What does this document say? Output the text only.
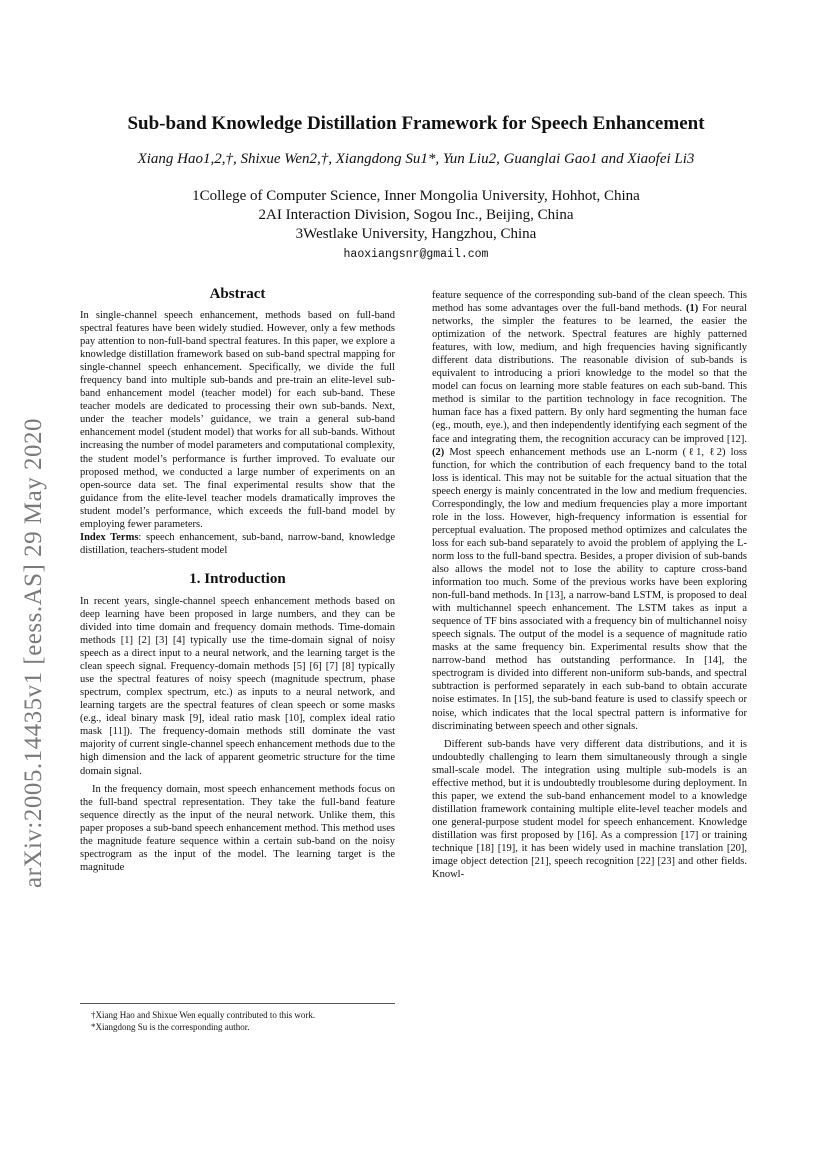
arXiv:2005.14435v1 [eess.AS] 29 May 2020
Sub-band Knowledge Distillation Framework for Speech Enhancement
Xiang Hao1,2,†, Shixue Wen2,†, Xiangdong Su1*, Yun Liu2, Guanglai Gao1 and Xiaofei Li3
1College of Computer Science, Inner Mongolia University, Hohhot, China
2AI Interaction Division, Sogou Inc., Beijing, China
3Westlake University, Hangzhou, China
haoxiangsnr@gmail.com
Abstract

In single-channel speech enhancement, methods based on full-band spectral features have been widely studied. However, only a few methods pay attention to non-full-band spectral features. In this paper, we explore a knowledge distillation framework based on sub-band spectral mapping for single-channel speech enhancement. Specifically, we divide the full frequency band into multiple sub-bands and pre-train an elite-level sub-band enhancement model (teacher model) for each sub-band. These teacher models are dedicated to processing their own sub-bands. Next, under the teacher models’ guidance, we train a general sub-band enhancement model (student model) that works for all sub-bands. Without increasing the number of model parameters and computational complexity, the student model’s performance is further improved. To evaluate our proposed method, we conducted a large number of experiments on an open-source data set. The final experimental results show that the guidance from the elite-level teacher models dramatically improves the student model’s performance, which exceeds the full-band model by employing fewer parameters.

Index Terms: speech enhancement, sub-band, narrow-band, knowledge distillation, teachers-student model

1. Introduction

In recent years, single-channel speech enhancement methods based on deep learning have been proposed in large numbers, and they can be divided into time domain and frequency domain methods. Time-domain methods [1] [2] [3] [4] typically use the time-domain signal of noisy speech as a direct input to a neural network, and the learning target is the clean speech signal. Frequency-domain methods [5] [6] [7] [8] typically use the spectral features of noisy speech (magnitude spectrum, phase spectrum, complex spectrum, etc.) as inputs to a neural network, and learning targets are the spectral features of clean speech or some masks (e.g., ideal binary mask [9], ideal ratio mask [10], complex ideal ratio mask [11]). The frequency-domain methods still dominate the vast majority of current single-channel speech enhancement methods due to the high dimension and the lack of apparent geometric structure for the time domain signal.

In the frequency domain, most speech enhancement methods focus on the full-band spectral representation. They take the full-band feature sequence directly as the input of the neural network. Unlike them, this paper proposes a sub-band speech enhancement method. This method uses the magnitude feature sequence within a certain sub-band on the noisy spectrogram as the input of the model. The learning target is the magnitude

feature sequence of the corresponding sub-band of the clean speech. This method has some advantages over the full-band methods. (1) For neural networks, the simpler the features to be learned, the easier the optimization of the network. Spectral features are highly patterned features, with low, medium, and high frequencies having significantly different data distributions. The reasonable division of sub-bands is equivalent to introducing a priori knowledge to the model so that the model can focus on learning more stable features on each sub-band. This method is similar to the partition technology in face recognition. The human face has a fixed pattern. By only hard segmenting the human face (eg., mouth, eye.), and then independently identifying each segment of the face and integrating them, the recognition accuracy can be improved [12]. (2) Most speech enhancement methods use an L-norm (ℓ1, ℓ2) loss function, for which the contribution of each frequency band to the total loss is identical. This may not be suitable for the actual situation that the speech energy is mainly concentrated in the low and medium frequencies. Correspondingly, the low and medium frequencies play a more important role in the loss. However, high-frequency information is essential for perceptual evaluation. The proposed method optimizes and calculates the loss for each sub-band separately to avoid the problem of applying the L-norm loss to the full-band spectra. Besides, a proper division of sub-bands also allows the model not to lose the ability to capture cross-band information too much. Some of the previous works have been exploring non-full-band methods. In [13], a narrow-band LSTM, is proposed to deal with multichannel speech enhancement. The LSTM takes as input a sequence of TF bins associated with a frequency bin of multichannel noisy speech signals. The output of the model is a sequence of magnitude ratio masks at the same frequency bin. Experimental results show that the narrow-band method has outstanding performance. In [14], the spectrogram is divided into different non-uniform sub-bands, and spectral subtraction is performed separately in each sub-band to obtain accurate noise estimates. In [15], the sub-band feature is used to classify speech or noise, which indicates that the local spectral pattern is informative for discriminating between speech and other signals.

Different sub-bands have very different data distributions, and it is undoubtedly challenging to learn them simultaneously through a single small-scale model. The integration using multiple sub-models is an effective method, but it is undoubtedly troublesome during deployment. In this paper, we extend the sub-band enhancement model to a knowledge distillation framework containing multiple elite-level teacher models and one general-purpose student model for speech enhancement. Knowledge distillation was first proposed by [16]. As a compression [17] or training technique [18] [19], it has been widely used in machine translation [20], image object detection [21], speech recognition [22] [23] and other fields. Knowl-

†Xiang Hao and Shixue Wen equally contributed to this work.
*Xiangdong Su is the corresponding author.
